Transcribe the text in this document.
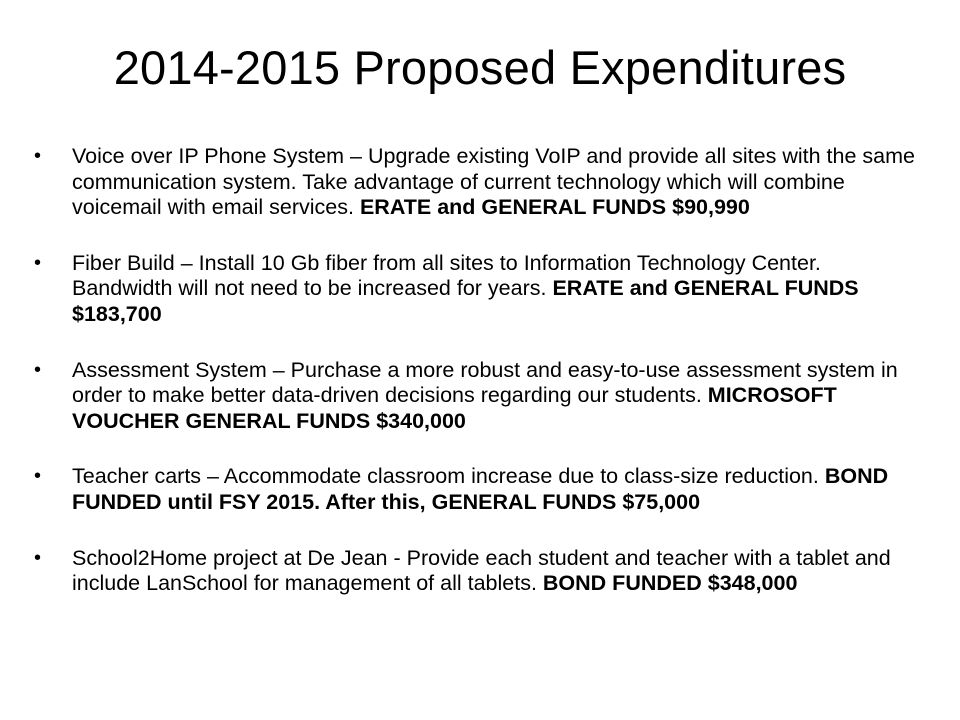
2014-2015 Proposed Expenditures
• Voice over IP Phone System – Upgrade existing VoIP and provide all sites with the same communication system. Take advantage of current technology which will combine voicemail with email services. ERATE and GENERAL FUNDS $90,990
• Fiber Build – Install 10 Gb fiber from all sites to Information Technology Center. Bandwidth will not need to be increased for years. ERATE and GENERAL FUNDS $183,700
• Assessment System – Purchase a more robust and easy-to-use assessment system in order to make better data-driven decisions regarding our students. MICROSOFT VOUCHER GENERAL FUNDS $340,000
• Teacher carts – Accommodate classroom increase due to class-size reduction. BOND FUNDED until FSY 2015. After this, GENERAL FUNDS $75,000
• School2Home project at De Jean - Provide each student and teacher with a tablet and include LanSchool for management of all tablets. BOND FUNDED $348,000
